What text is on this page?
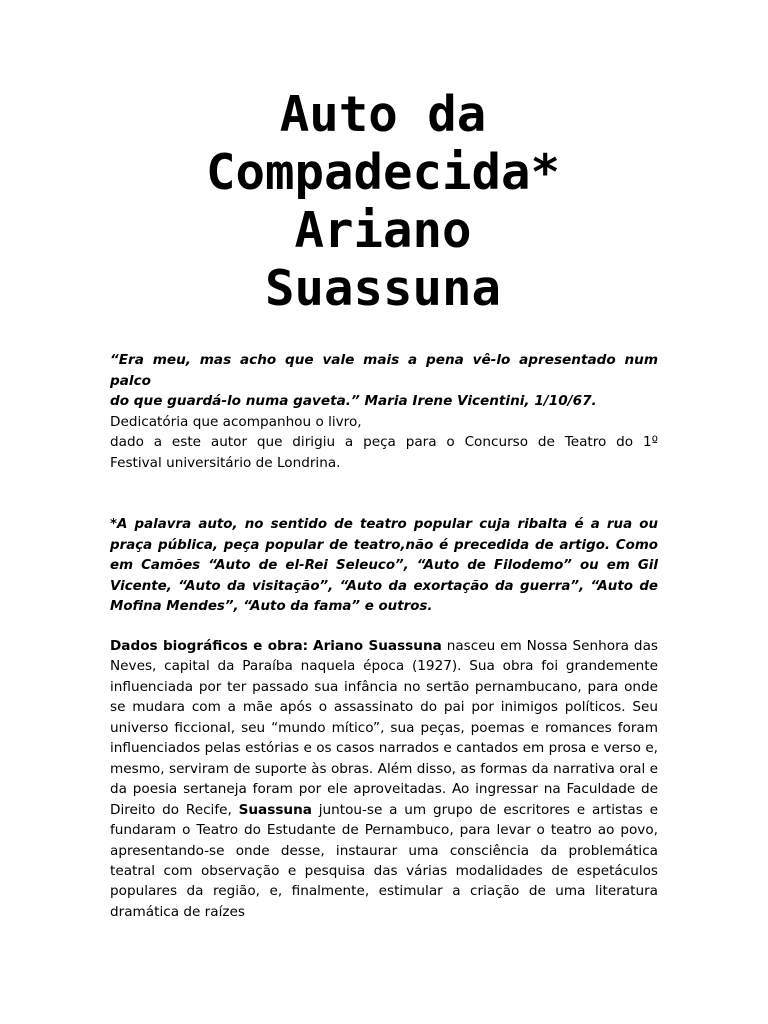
Auto da
Compadecida*
Ariano
Suassuna
“Era meu, mas acho que vale mais a pena vê-lo apresentado num palco
do que guardá-lo numa gaveta.” Maria Irene Vicentini, 1/10/67.
Dedicatória que acompanhou o livro,
dado a este autor que dirigiu a peça para o Concurso de Teatro do 1º
Festival universitário de Londrina.

*A palavra auto, no sentido de teatro popular cuja ribalta é a rua ou praça pública, peça popular de teatro,não é precedida de artigo. Como em Camões “Auto de el-Rei Seleuco”, “Auto de Filodemo” ou em Gil Vicente, “Auto da visitação”, “Auto da exortação da guerra”, “Auto de Mofina Mendes”, “Auto da fama” e outros.

Dados biográficos e obra: Ariano Suassuna nasceu em Nossa Senhora das Neves, capital da Paraíba naquela época (1927). Sua obra foi grandemente influenciada por ter passado sua infância no sertão pernambucano, para onde se mudara com a mãe após o assassinato do pai por inimigos políticos. Seu universo ficcional, seu “mundo mítico”, sua peças, poemas e romances foram influenciados pelas estórias e os casos narrados e cantados em prosa e verso e, mesmo, serviram de suporte às obras. Além disso, as formas da narrativa oral e da poesia sertaneja foram por ele aproveitadas. Ao ingressar na Faculdade de Direito do Recife, Suassuna juntou-se a um grupo de escritores e artistas e fundaram o Teatro do Estudante de Pernambuco, para levar o teatro ao povo, apresentando-se onde desse, instaurar uma consciência da problemática teatral com observação e pesquisa das várias modalidades de espetáculos populares da região, e, finalmente, estimular a criação de uma literatura dramática de raízes
